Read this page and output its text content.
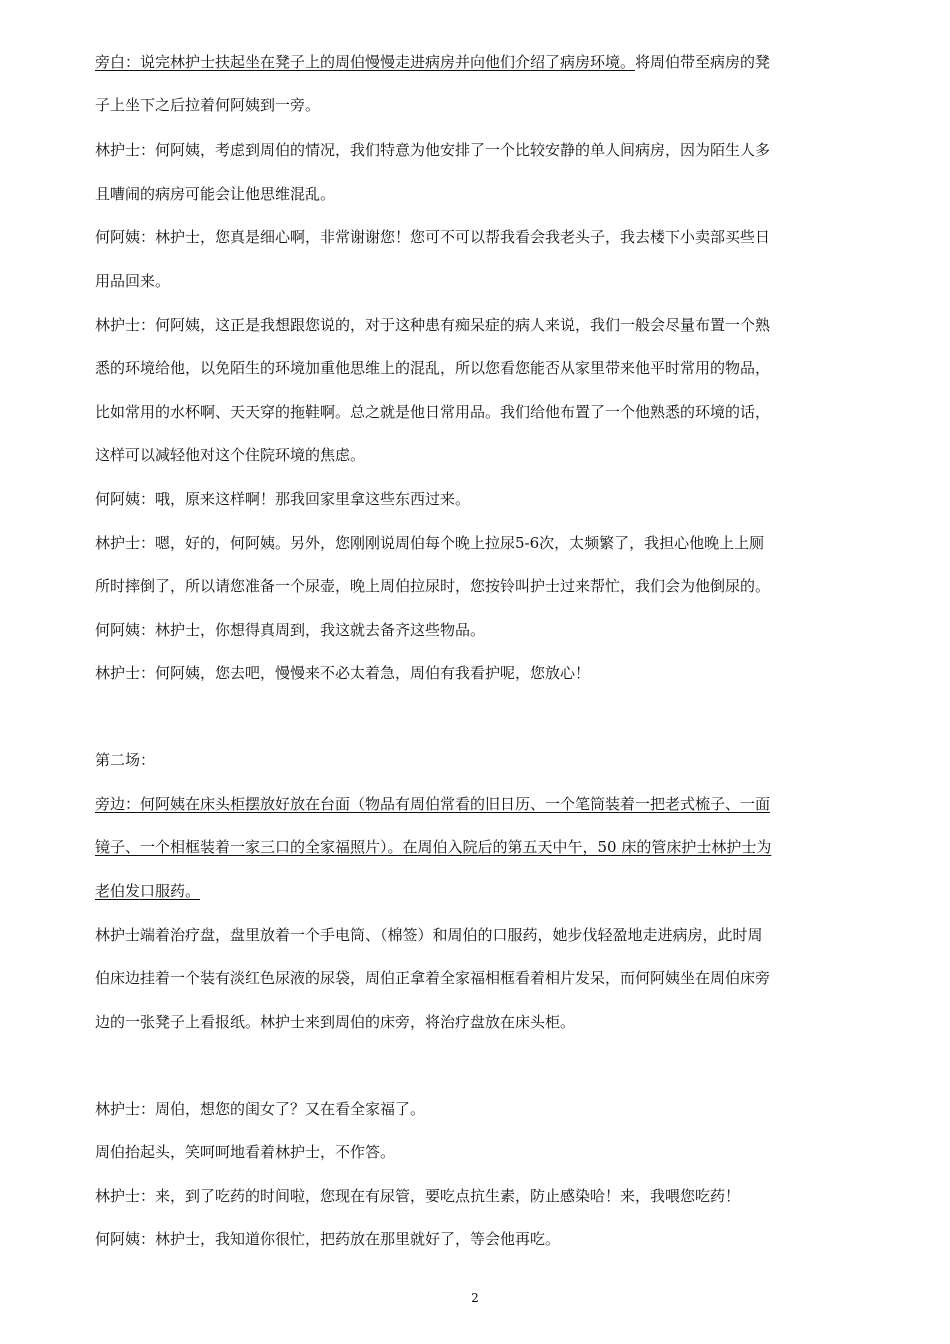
旁白：说完林护士扶起坐在凳子上的周伯慢慢走进病房并向他们介绍了病房环境。将周伯带至病房的凳
子上坐下之后拉着何阿姨到一旁。
林护士：何阿姨，考虑到周伯的情况，我们特意为他安排了一个比较安静的单人间病房，因为陌生人多
且嘈闹的病房可能会让他思维混乱。
何阿姨：林护士，您真是细心啊，非常谢谢您！您可不可以帮我看会我老头子，我去楼下小卖部买些日
用品回来。
林护士：何阿姨，这正是我想跟您说的，对于这种患有痴呆症的病人来说，我们一般会尽量布置一个熟
悉的环境给他，以免陌生的环境加重他思维上的混乱，所以您看您能否从家里带来他平时常用的物品，
比如常用的水杯啊、天天穿的拖鞋啊。总之就是他日常用品。我们给他布置了一个他熟悉的环境的话，
这样可以减轻他对这个住院环境的焦虑。
何阿姨：哦，原来这样啊！那我回家里拿这些东西过来。
林护士：嗯，好的，何阿姨。另外，您刚刚说周伯每个晚上拉尿5-6次，太频繁了，我担心他晚上上厕
所时摔倒了，所以请您准备一个尿壶，晚上周伯拉尿时，您按铃叫护士过来帮忙，我们会为他倒尿的。
何阿姨：林护士，你想得真周到，我这就去备齐这些物品。
林护士：何阿姨，您去吧，慢慢来不必太着急，周伯有我看护呢，您放心！
第二场：
旁边：何阿姨在床头柜摆放好放在台面（物品有周伯常看的旧日历、一个笔筒装着一把老式梳子、一面
镜子、一个相框装着一家三口的全家福照片）。在周伯入院后的第五天中午，50 床的管床护士林护士为
老伯发口服药。
林护士端着治疗盘，盘里放着一个手电筒、（棉签）和周伯的口服药，她步伐轻盈地走进病房，此时周
伯床边挂着一个装有淡红色尿液的尿袋，周伯正拿着全家福相框看着相片发呆，而何阿姨坐在周伯床旁
边的一张凳子上看报纸。林护士来到周伯的床旁，将治疗盘放在床头柜。
林护士：周伯，想您的闺女了？又在看全家福了。
周伯抬起头，笑呵呵地看着林护士，不作答。
林护士：来，到了吃药的时间啦，您现在有尿管，要吃点抗生素，防止感染哈！来，我喂您吃药！
何阿姨：林护士，我知道你很忙，把药放在那里就好了，等会他再吃。
2
